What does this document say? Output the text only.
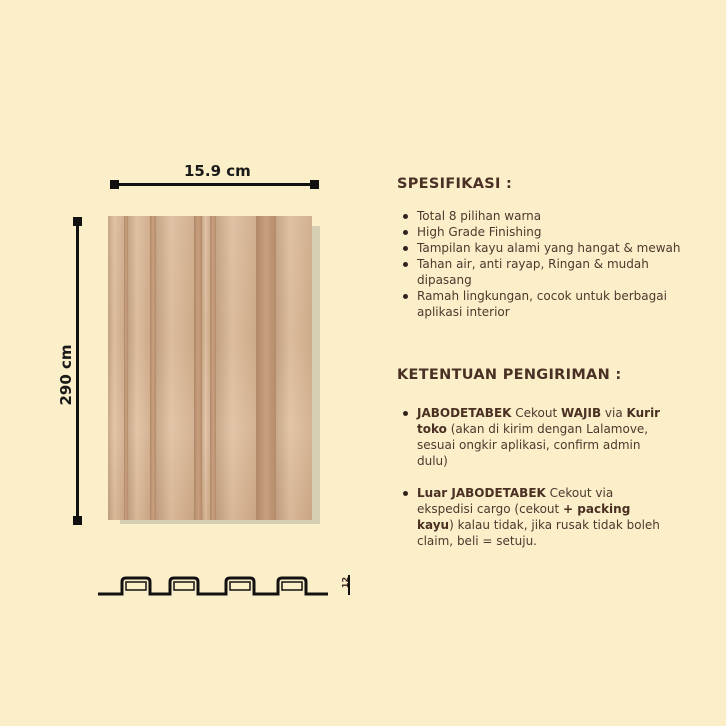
15.9 cm
290 cm
12
SPESIFIKASI :
Total 8 pilihan warna
High Grade Finishing
Tampilan kayu alami yang hangat & mewah
Tahan air, anti rayap, Ringan & mudah dipasang
Ramah lingkungan, cocok untuk berbagai aplikasi interior
KETENTUAN PENGIRIMAN :
JABODETABEK Cekout WAJIB via Kurir toko (akan di kirim dengan Lalamove, sesuai ongkir aplikasi, confirm admin dulu)
Luar JABODETABEK Cekout via ekspedisi cargo (cekout + packing kayu) kalau tidak, jika rusak tidak boleh claim, beli = setuju.
